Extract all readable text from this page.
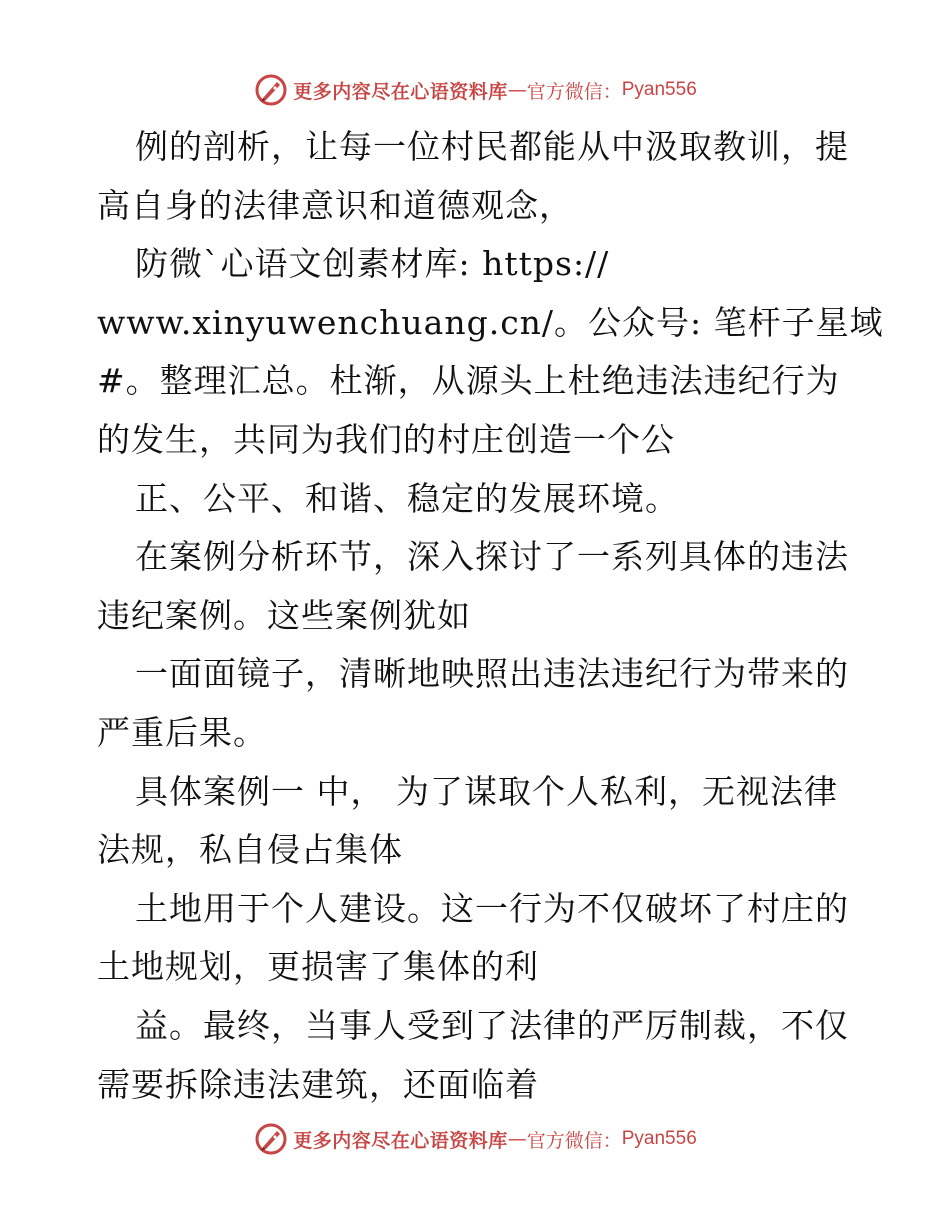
更多内容尽在心语资料库 — 官方微信： Pyan556
例的剖析，让每一位村民都能从中汲取教训，提
高自身的法律意识和道德观念，
防微`心语文创素材库: https://
www.xinyuwenchuang.cn/。公众号: 笔杆子星域
#。整理汇总。杜渐，从源头上杜绝违法违纪行为
的发生，共同为我们的村庄创造一个公
正、公平、和谐、稳定的发展环境。
在案例分析环节，深入探讨了一系列具体的违法
违纪案例。这些案例犹如
一面面镜子，清晰地映照出违法违纪行为带来的
严重后果。
具体案例一 中， 为了谋取个人私利，无视法律
法规，私自侵占集体
土地用于个人建设。这一行为不仅破坏了村庄的
土地规划，更损害了集体的利
益。最终，当事人受到了法律的严厉制裁，不仅
需要拆除违法建筑，还面临着
更多内容尽在心语资料库 — 官方微信： Pyan556
